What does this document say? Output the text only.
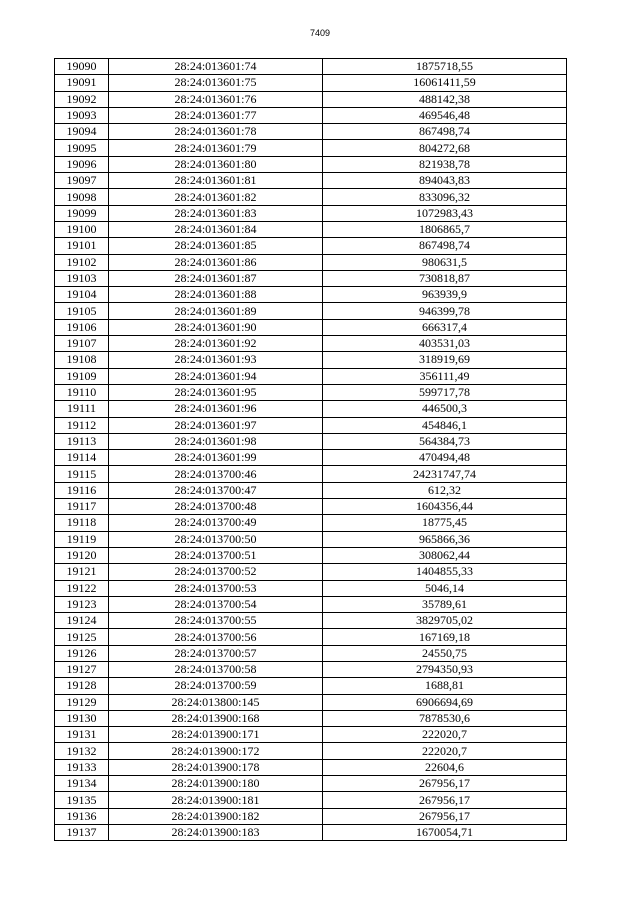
7409
19090	28:24:013601:74	1875718,55
19091	28:24:013601:75	16061411,59
19092	28:24:013601:76	488142,38
19093	28:24:013601:77	469546,48
19094	28:24:013601:78	867498,74
19095	28:24:013601:79	804272,68
19096	28:24:013601:80	821938,78
19097	28:24:013601:81	894043,83
19098	28:24:013601:82	833096,32
19099	28:24:013601:83	1072983,43
19100	28:24:013601:84	1806865,7
19101	28:24:013601:85	867498,74
19102	28:24:013601:86	980631,5
19103	28:24:013601:87	730818,87
19104	28:24:013601:88	963939,9
19105	28:24:013601:89	946399,78
19106	28:24:013601:90	666317,4
19107	28:24:013601:92	403531,03
19108	28:24:013601:93	318919,69
19109	28:24:013601:94	356111,49
19110	28:24:013601:95	599717,78
19111	28:24:013601:96	446500,3
19112	28:24:013601:97	454846,1
19113	28:24:013601:98	564384,73
19114	28:24:013601:99	470494,48
19115	28:24:013700:46	24231747,74
19116	28:24:013700:47	612,32
19117	28:24:013700:48	1604356,44
19118	28:24:013700:49	18775,45
19119	28:24:013700:50	965866,36
19120	28:24:013700:51	308062,44
19121	28:24:013700:52	1404855,33
19122	28:24:013700:53	5046,14
19123	28:24:013700:54	35789,61
19124	28:24:013700:55	3829705,02
19125	28:24:013700:56	167169,18
19126	28:24:013700:57	24550,75
19127	28:24:013700:58	2794350,93
19128	28:24:013700:59	1688,81
19129	28:24:013800:145	6906694,69
19130	28:24:013900:168	7878530,6
19131	28:24:013900:171	222020,7
19132	28:24:013900:172	222020,7
19133	28:24:013900:178	22604,6
19134	28:24:013900:180	267956,17
19135	28:24:013900:181	267956,17
19136	28:24:013900:182	267956,17
19137	28:24:013900:183	1670054,71
